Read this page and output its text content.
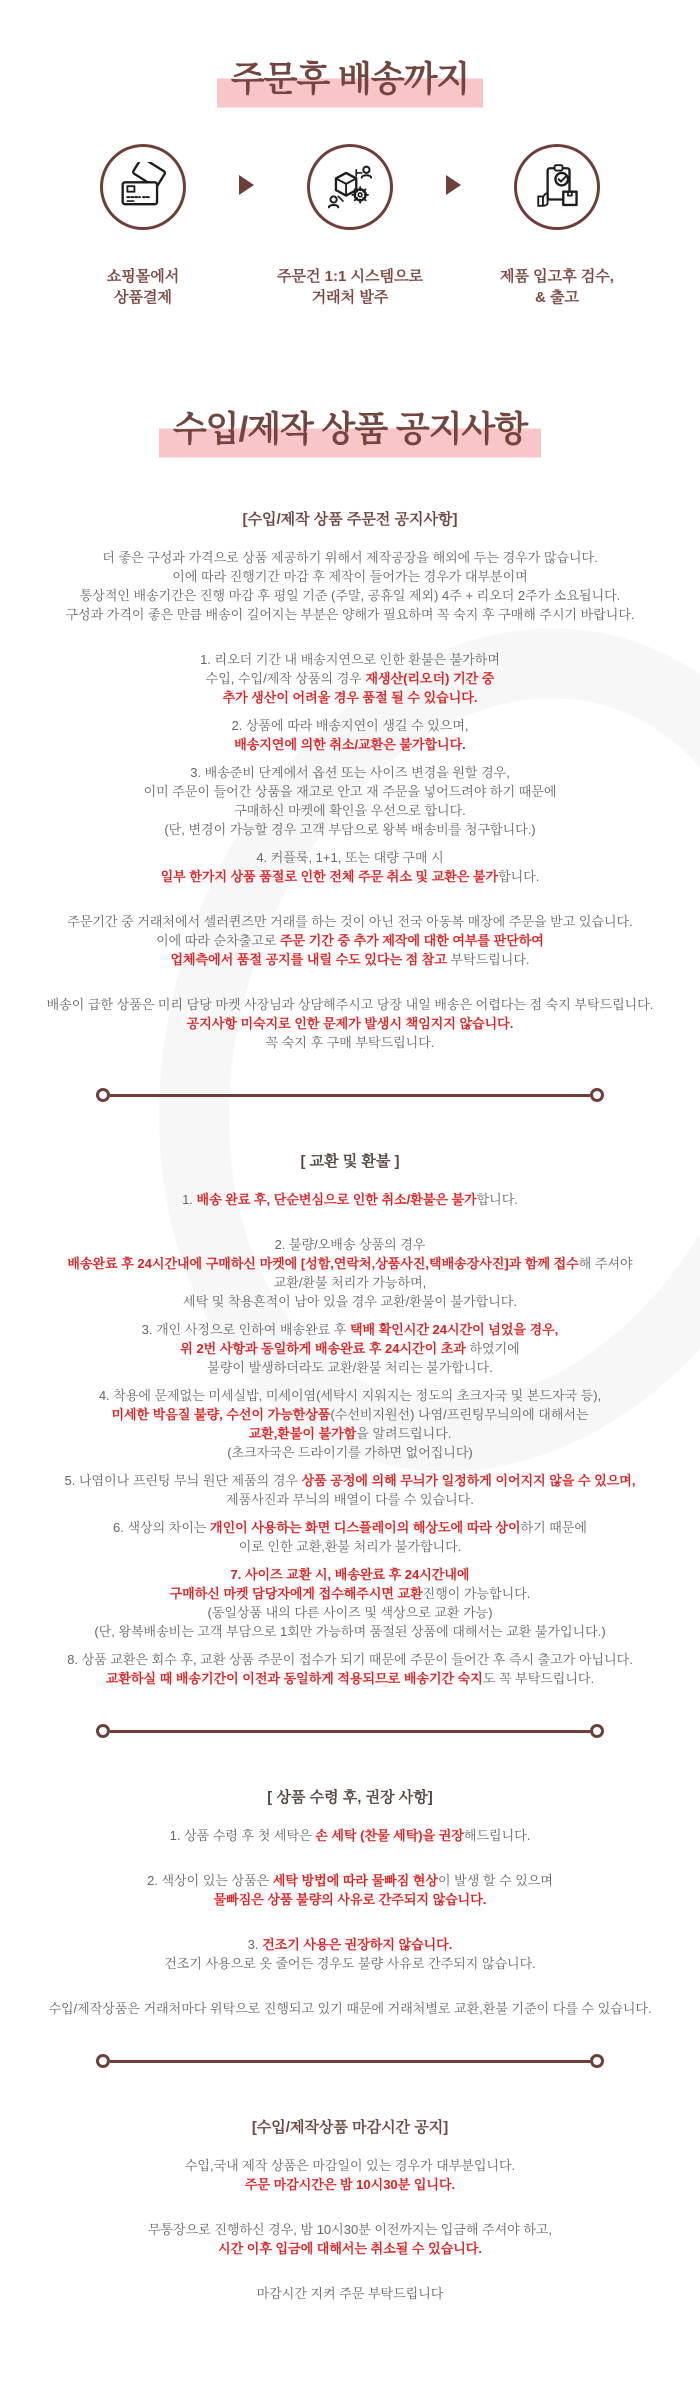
주문후 배송까지
쇼핑몰에서
상품결제
주문건 1:1 시스템으로
거래처 발주
제품 입고후 검수,
& 출고
수입/제작 상품 공지사항
[수입/제작 상품 주문전 공지사항]

더 좋은 구성과 가격으로 상품 제공하기 위해서 제작공장을 해외에 두는 경우가 많습니다.

이에 따라 진행기간 마감 후 제작이 들어가는 경우가 대부분이며

통상적인 배송기간은 진행 마감 후 평일 기준 (주말, 공휴일 제외) 4주 + 리오더 2주가 소요됩니다.

구성과 가격이 좋은 만큼 배송이 길어지는 부분은 양해가 필요하며 꼭 숙지 후 구매해 주시기 바랍니다.

1. 리오더 기간 내 배송지연으로 인한 환불은 불가하며

수입, 수입/제작 상품의 경우 재생산(리오더) 기간 중

추가 생산이 어려울 경우 품절 될 수 있습니다.

2. 상품에 따라 배송지연이 생길 수 있으며,

배송지연에 의한 취소/교환은 불가합니다.

3. 배송준비 단계에서 옵션 또는 사이즈 변경을 원할 경우,

이미 주문이 들어간 상품을 재고로 안고 재 주문을 넣어드려야 하기 때문에

구매하신 마켓에 확인을 우선으로 합니다.

(단, 변경이 가능할 경우 고객 부담으로 왕복 배송비를 청구합니다.)

4. 커플룩, 1+1, 또는 대량 구매 시

일부 한가지 상품 품절로 인한 전체 주문 취소 및 교환은 불가합니다.

주문기간 중 거래처에서 셀러퀸즈만 거래를 하는 것이 아닌 전국 아동복 매장에 주문을 받고 있습니다.

이에 따라 순차출고로 주문 기간 중 추가 제작에 대한 여부를 판단하여

업체측에서 품절 공지를 내릴 수도 있다는 점 참고 부탁드립니다.

배송이 급한 상품은 미리 담당 마켓 사장님과 상담해주시고 당장 내일 배송은 어렵다는 점 숙지 부탁드립니다.

공지사항 미숙지로 인한 문제가 발생시 책임지지 않습니다.

꼭 숙지 후 구매 부탁드립니다.

[ 교환 및 환불 ]

1. 배송 완료 후, 단순변심으로 인한 취소/환불은 불가합니다.

2. 불량/오배송 상품의 경우

배송완료 후 24시간내에 구매하신 마켓에 [성함,연락처,상품사진,택배송장사진]과 함께 접수해 주셔야

교환/환불 처리가 가능하며,

세탁 및 착용흔적이 남아 있을 경우 교환/환불이 불가합니다.

3. 개인 사정으로 인하여 배송완료 후 택배 확인시간 24시간이 넘었을 경우,

위 2번 사항과 동일하게 배송완료 후 24시간이 초과 하였기에

불량이 발생하더라도 교환/환불 처리는 불가합니다.

4. 착용에 문제없는 미세실밥, 미세이염(세탁시 지워지는 정도의 초크자국 및 본드자국 등),

미세한 박음질 불량, 수선이 가능한상품(수선비지원선) 나염/프린팅무늬의에 대해서는

교환,환불이 불가함을 알려드립니다.

(초크자국은 드라이기를 가하면 없어집니다)

5. 나염이나 프린팅 무늬 원단 제품의 경우 상품 공정에 의해 무늬가 일정하게 이어지지 않을 수 있으며,

제품사진과 무늬의 배열이 다를 수 있습니다.

6. 색상의 차이는 개인이 사용하는 화면 디스플레이의 해상도에 따라 상이하기 때문에

이로 인한 교환,환불 처리가 불가합니다.

7. 사이즈 교환 시, 배송완료 후 24시간내에

구매하신 마켓 담당자에게 접수해주시면 교환진행이 가능합니다.

(동일상품 내의 다른 사이즈 및 색상으로 교환 가능)

(단, 왕복배송비는 고객 부담으로 1회만 가능하며 품절된 상품에 대해서는 교환 불가입니다.)

8. 상품 교환은 회수 후, 교환 상품 주문이 접수가 되기 때문에 주문이 들어간 후 즉시 출고가 아닙니다.

교환하실 때 배송기간이 이전과 동일하게 적용되므로 배송기간 숙지도 꼭 부탁드립니다.

[ 상품 수령 후, 권장 사항]

1. 상품 수령 후 첫 세탁은 손 세탁 (찬물 세탁)을 권장해드립니다.

2. 색상이 있는 상품은 세탁 방법에 따라 물빠짐 현상이 발생 할 수 있으며

물빠짐은 상품 불량의 사유로 간주되지 않습니다.

3. 건조기 사용은 권장하지 않습니다.

건조기 사용으로 옷 줄어든 경우도 불량 사유로 간주되지 않습니다.

수입/제작상품은 거래처마다 위탁으로 진행되고 있기 때문에 거래처별로 교환,환불 기준이 다를 수 있습니다.

[수입/제작상품 마감시간 공지]

수입,국내 제작 상품은 마감일이 있는 경우가 대부분입니다.

주문 마감시간은 밤 10시30분 입니다.

무통장으로 진행하신 경우, 밤 10시30분 이전까지는 입금해 주셔야 하고,

시간 이후 입금에 대해서는 취소될 수 있습니다.

마감시간 지켜 주문 부탁드립니다
